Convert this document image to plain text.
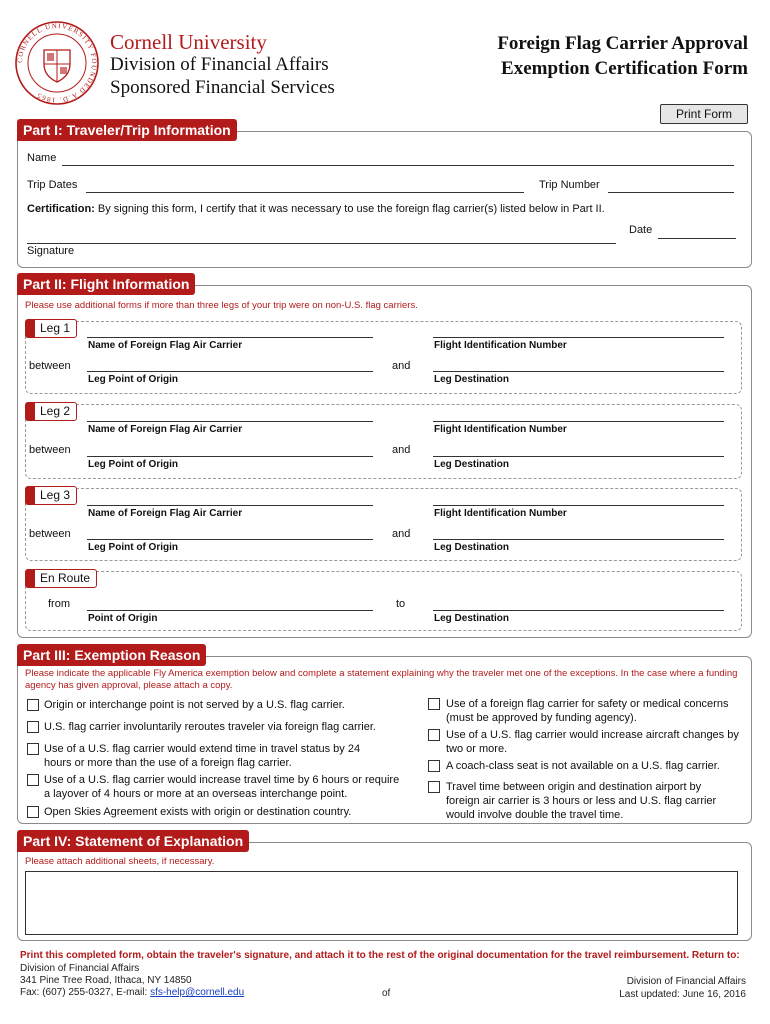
CORNELL UNIVERSITY FOUNDED A.D. 1865
Cornell University
Division of Financial Affairs
Sponsored Financial Services
Foreign Flag Carrier Approval
Exemption Certification Form
Print Form
Part I: Traveler/Trip Information
Name
Trip Dates	Trip Number
Certification: By signing this form, I certify that it was necessary to use the foreign flag carrier(s) listed below in Part II.
Date
Signature
Part II: Flight Information
Please use additional forms if more than three legs of your trip were on non-U.S. flag carriers.
Leg 1
Name of Foreign Flag Air Carrier	Flight Identification Number
between	and
Leg Point of Origin	Leg Destination
Leg 2
Name of Foreign Flag Air Carrier	Flight Identification Number
between	and
Leg Point of Origin	Leg Destination
Leg 3
Name of Foreign Flag Air Carrier	Flight Identification Number
between	and
Leg Point of Origin	Leg Destination
En Route
from	to
Point of Origin	Leg Destination
Part III: Exemption Reason
Please indicate the applicable Fly America exemption below and complete a statement explaining why the traveler met one of the exceptions. In the case where a funding agency has given approval, please attach a copy.
Origin or interchange point is not served by a U.S. flag carrier.
U.S. flag carrier involuntarily reroutes traveler via foreign flag carrier.
Use of a U.S. flag carrier would extend time in travel status by 24 hours or more than the use of a foreign flag carrier.
Use of a U.S. flag carrier would increase travel time by 6 hours or require a layover of 4 hours or more at an overseas interchange point.
Open Skies Agreement exists with origin or destination country.
Use of a foreign flag carrier for safety or medical concerns (must be approved by funding agency).
Use of a U.S. flag carrier would increase aircraft changes by two or more.
A coach-class seat is not available on a U.S. flag carrier.
Travel time between origin and destination airport by foreign air carrier is 3 hours or less and U.S. flag carrier would involve double the travel time.
Part IV: Statement of Explanation
Please attach additional sheets, if necessary.
Print this completed form, obtain the traveler's signature, and attach it to the rest of the original documentation for the travel reimbursement. Return to:
Division of Financial Affairs
341 Pine Tree Road, Ithaca, NY 14850
Fax: (607) 255-0327, E-mail: sfs-help@cornell.edu	of
Division of Financial Affairs
Last updated: June 16, 2016
